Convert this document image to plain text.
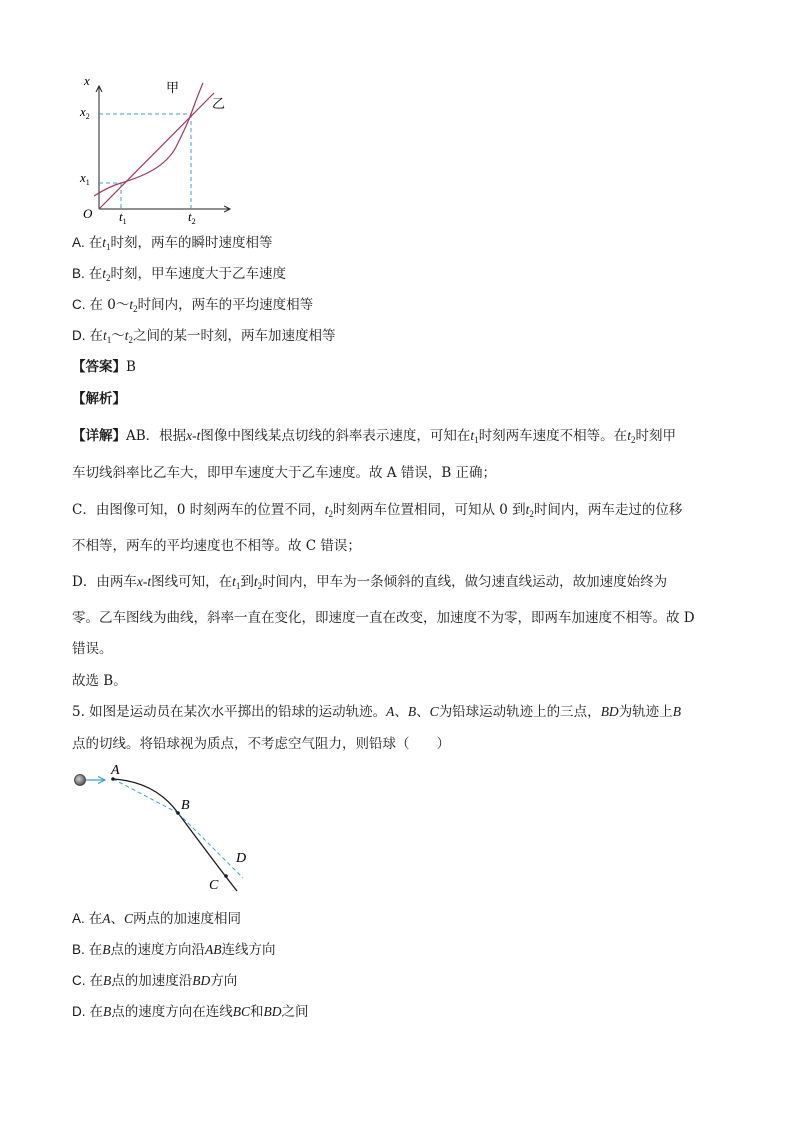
x
O
$x_1$
$x_2$
$t_1$	$t_2$
甲
乙
A. 在$t_1$时刻，两车的瞬时速度相等
B. 在$t_2$时刻，甲车速度大于乙车速度
C. 在 $0\sim t_2$时间内，两车的平均速度相等
D. 在$t_1\sim t_2$之间的某一时刻，两车加速度相等
【答案】B
【解析】
【详解】AB．根据x-t图像中图线某点切线的斜率表示速度，可知在$t_1$时刻两车速度不相等。在$t_2$时刻甲
车切线斜率比乙车大，即甲车速度大于乙车速度。故 A 错误，B 正确；
C．由图像可知，0 时刻两车的位置不同，$t_2$时刻两车位置相同，可知从 0 到$t_2$时间内，两车走过的位移
不相等，两车的平均速度也不相等。故 C 错误；
D．由两车x-t图线可知，在$t_1$到$t_2$时间内，甲车为一条倾斜的直线，做匀速直线运动，故加速度始终为
零。乙车图线为曲线，斜率一直在变化，即速度一直在改变，加速度不为零，即两车加速度不相等。故 D
错误。
故选 B。
5. 如图是运动员在某次水平掷出的铅球的运动轨迹。A、B、C为铅球运动轨迹上的三点，BD为轨迹上B
点的切线。将铅球视为质点，不考虑空气阻力，则铅球（　　）
A
B
D
C
A. 在A、C两点的加速度相同
B. 在B点的速度方向沿AB连线方向
C. 在B点的加速度沿BD方向
D. 在B点的速度方向在连线BC和BD之间
